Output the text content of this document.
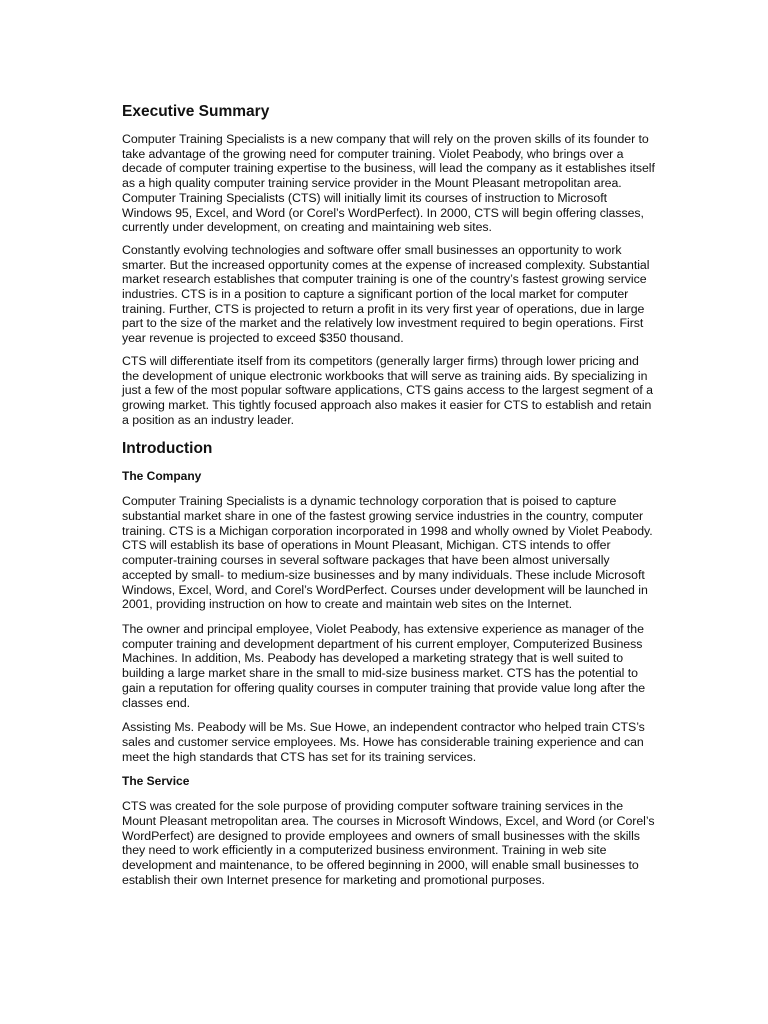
Executive Summary

Computer Training Specialists is a new company that will rely on the proven skills of its founder to take advantage of the growing need for computer training. Violet Peabody, who brings over a decade of computer training expertise to the business, will lead the company as it establishes itself as a high quality computer training service provider in the Mount Pleasant metropolitan area. Computer Training Specialists (CTS) will initially limit its courses of instruction to Microsoft Windows 95, Excel, and Word (or Corel’s WordPerfect). In 2000, CTS will begin offering classes, currently under development, on creating and maintaining web sites.

Constantly evolving technologies and software offer small businesses an opportunity to work smarter. But the increased opportunity comes at the expense of increased complexity. Substantial market research establishes that computer training is one of the country’s fastest growing service industries. CTS is in a position to capture a significant portion of the local market for computer training. Further, CTS is projected to return a profit in its very first year of operations, due in large part to the size of the market and the relatively low investment required to begin operations. First year revenue is projected to exceed $350 thousand.

CTS will differentiate itself from its competitors (generally larger firms) through lower pricing and the development of unique electronic workbooks that will serve as training aids. By specializing in just a few of the most popular software applications, CTS gains access to the largest segment of a growing market. This tightly focused approach also makes it easier for CTS to establish and retain a position as an industry leader.

Introduction
The Company

Computer Training Specialists is a dynamic technology corporation that is poised to capture substantial market share in one of the fastest growing service industries in the country, computer training. CTS is a Michigan corporation incorporated in 1998 and wholly owned by Violet Peabody. CTS will establish its base of operations in Mount Pleasant, Michigan. CTS intends to offer computer-training courses in several software packages that have been almost universally accepted by small- to medium-size businesses and by many individuals. These include Microsoft Windows, Excel, Word, and Corel’s WordPerfect. Courses under development will be launched in 2001, providing instruction on how to create and maintain web sites on the Internet.

The owner and principal employee, Violet Peabody, has extensive experience as manager of the computer training and development department of his current employer, Computerized Business Machines. In addition, Ms. Peabody has developed a marketing strategy that is well suited to building a large market share in the small to mid-size business market. CTS has the potential to gain a reputation for offering quality courses in computer training that provide value long after the classes end.

Assisting Ms. Peabody will be Ms. Sue Howe, an independent contractor who helped train CTS’s sales and customer service employees. Ms. Howe has considerable training experience and can meet the high standards that CTS has set for its training services.

The Service

CTS was created for the sole purpose of providing computer software training services in the Mount Pleasant metropolitan area. The courses in Microsoft Windows, Excel, and Word (or Corel’s WordPerfect) are designed to provide employees and owners of small businesses with the skills they need to work efficiently in a computerized business environment. Training in web site development and maintenance, to be offered beginning in 2000, will enable small businesses to establish their own Internet presence for marketing and promotional purposes.
